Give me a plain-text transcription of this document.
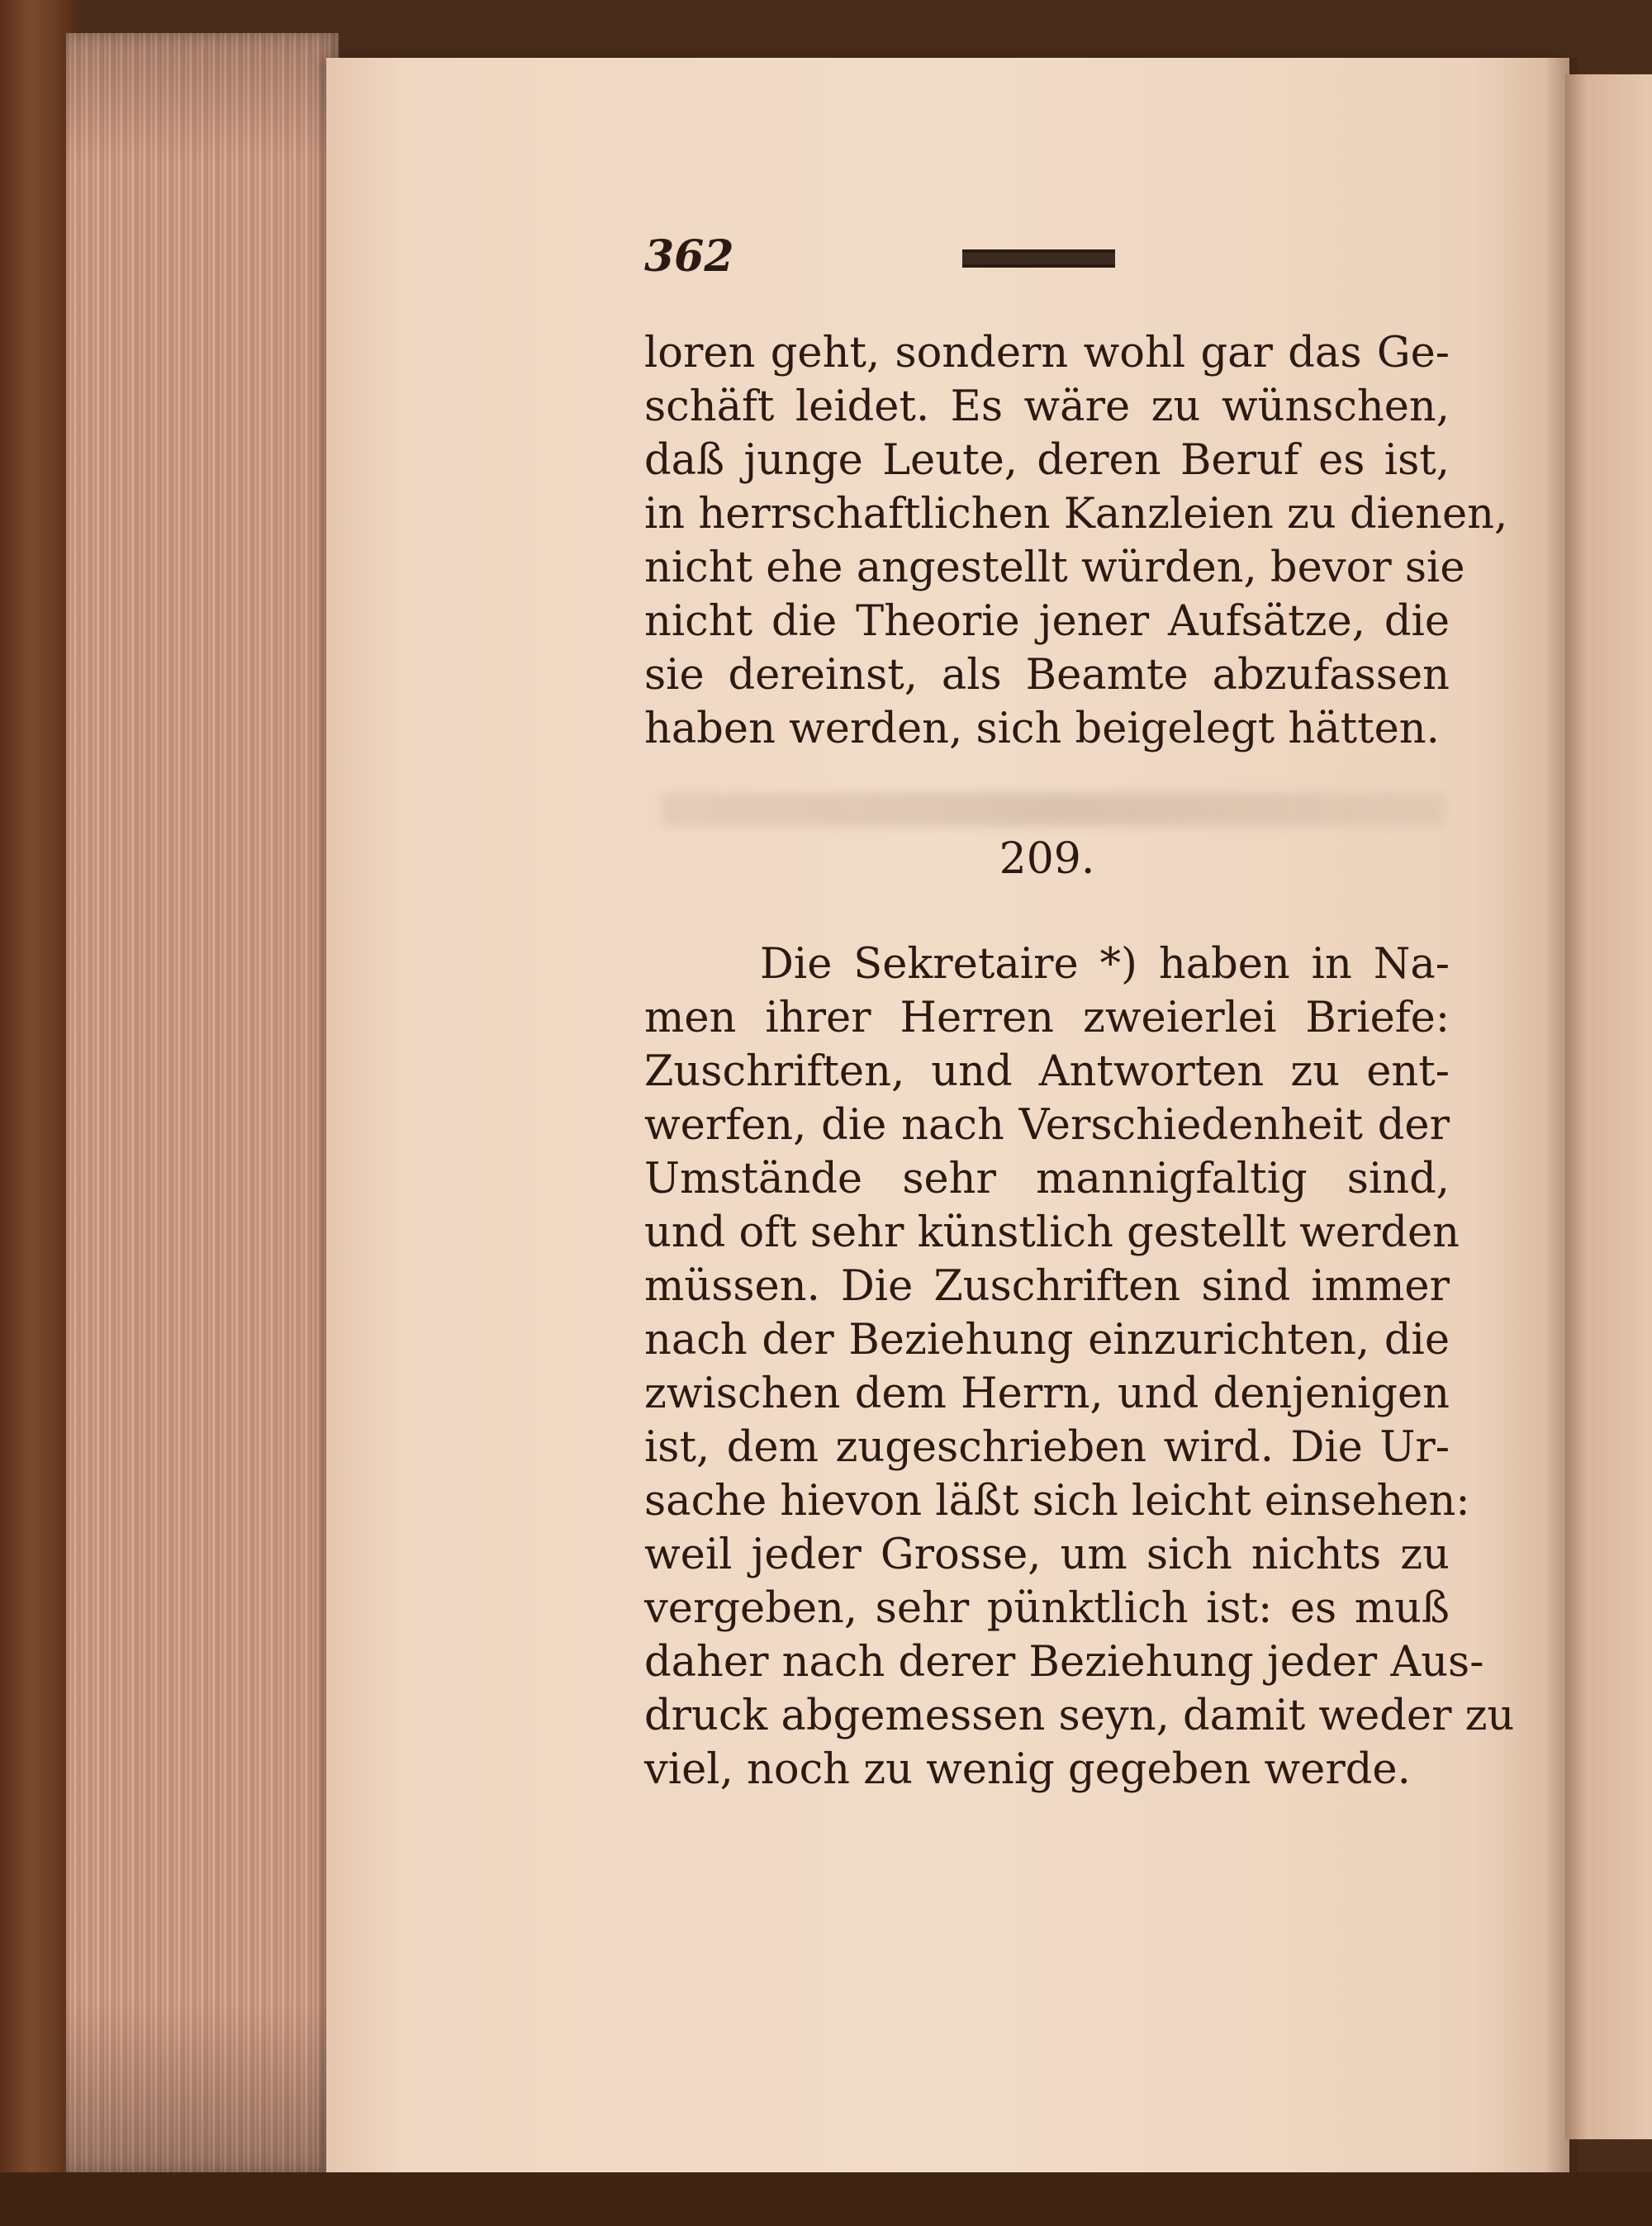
362
loren geht, sondern wohl gar das Ge-
schäft leidet. Es wäre zu wünschen,
daß junge Leute, deren Beruf es ist,
in herrschaftlichen Kanzleien zu dienen,
nicht ehe angestellt würden, bevor sie
nicht die Theorie jener Aufsätze, die
sie dereinst, als Beamte abzufassen
haben werden, sich beigelegt hätten.
209.
Die Sekretaire *) haben in Na-
men ihrer Herren zweierlei Briefe:
Zuschriften, und Antworten zu ent-
werfen, die nach Verschiedenheit der
Umstände sehr mannigfaltig sind,
und oft sehr künstlich gestellt werden
müssen. Die Zuschriften sind immer
nach der Beziehung einzurichten, die
zwischen dem Herrn, und denjenigen
ist, dem zugeschrieben wird. Die Ur-
sache hievon läßt sich leicht einsehen:
weil jeder Grosse, um sich nichts zu
vergeben, sehr pünktlich ist: es muß
daher nach derer Beziehung jeder Aus-
druck abgemessen seyn, damit weder zu
viel, noch zu wenig gegeben werde.
